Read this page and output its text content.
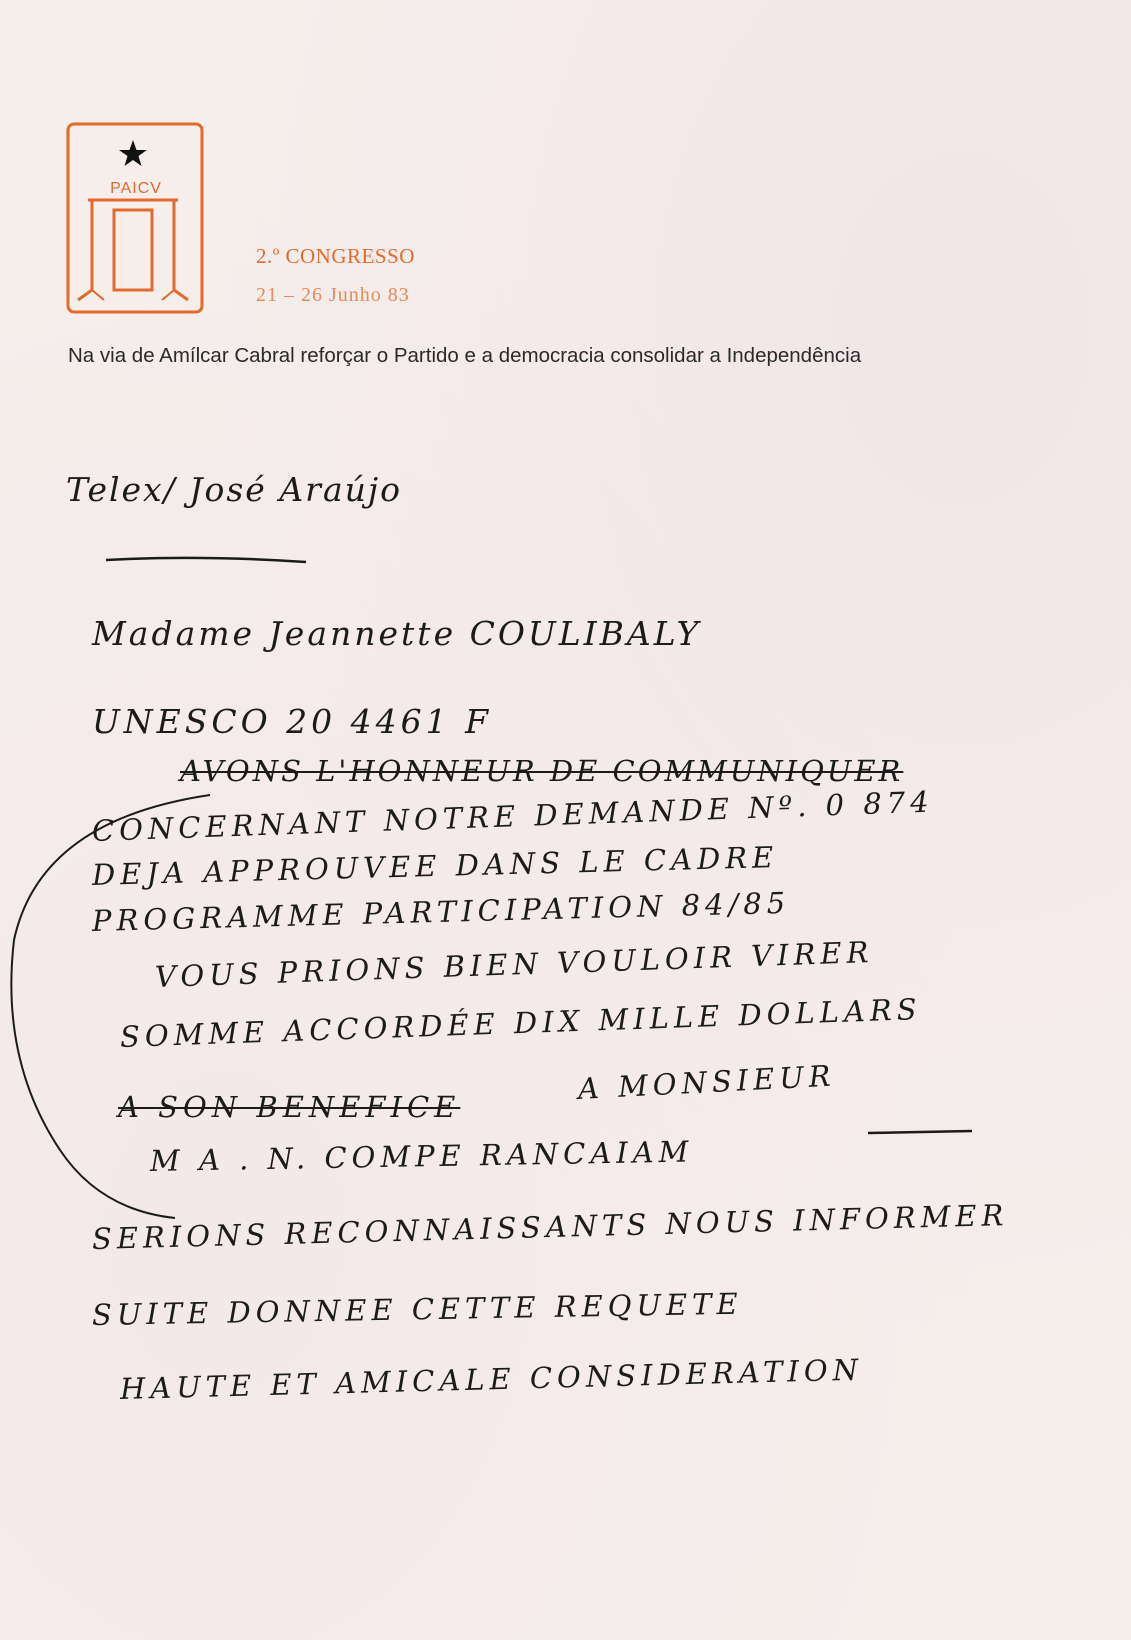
PAICV
2.º CONGRESSO
21 – 26 Junho 83
Na via de Amílcar Cabral reforçar o Partido e a democracia consolidar a Independência
Telex/ José Araújo
Madame Jeannette COULIBALY
UNESCO 20 4461 F
AVONS L'HONNEUR DE COMMUNIQUER
CONCERNANT NOTRE DEMANDE Nº. 0 874
DEJA APPROUVEE DANS LE CADRE
PROGRAMME PARTICIPATION 84/85
VOUS PRIONS BIEN VOULOIR VIRER
SOMME ACCORDÉE DIX MILLE DOLLARS
A SON BENEFICE
A MONSIEUR
M A . N. COMPE RANCAIAM
SERIONS RECONNAISSANTS NOUS INFORMER
SUITE DONNEE CETTE REQUETE
HAUTE ET AMICALE CONSIDERATION
